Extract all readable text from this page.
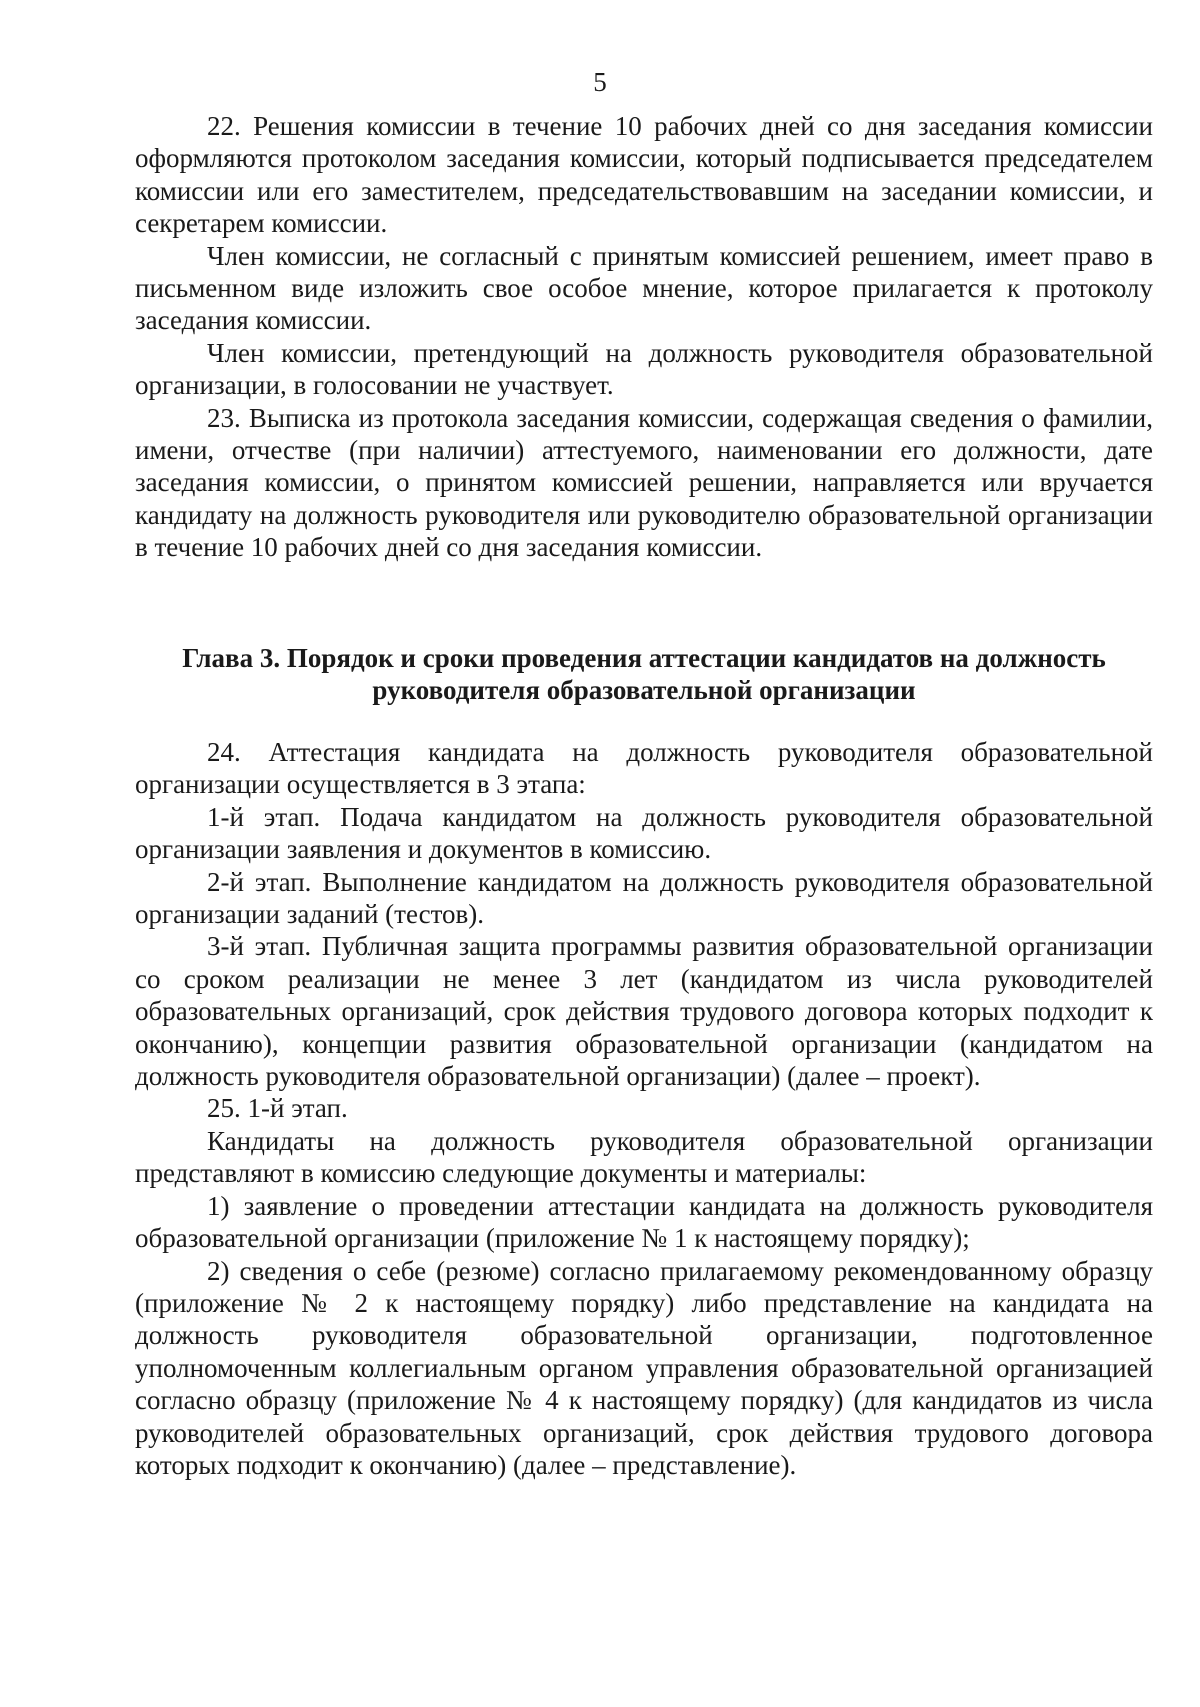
5

22. Решения комиссии в течение 10 рабочих дней со дня заседания комиссии оформляются протоколом заседания комиссии, который подписывается председателем комиссии или его заместителем, председательствовавшим на заседании комиссии, и секретарем комиссии.

Член комиссии, не согласный с принятым комиссией решением, имеет право в письменном виде изложить свое особое мнение, которое прилагается к протоколу заседания комиссии.

Член комиссии, претендующий на должность руководителя образовательной организации, в голосовании не участвует.

23. Выписка из протокола заседания комиссии, содержащая сведения о фамилии, имени, отчестве (при наличии) аттестуемого, наименовании его должности, дате заседания комиссии, о принятом комиссией решении, направляется или вручается кандидату на должность руководителя или руководителю образовательной организации в течение 10 рабочих дней со дня заседания комиссии.

Глава 3. Порядок и сроки проведения аттестации кандидатов на должность
руководителя образовательной организации

24. Аттестация кандидата на должность руководителя образовательной организации осуществляется в 3 этапа:

1-й этап. Подача кандидатом на должность руководителя образовательной организации заявления и документов в комиссию.

2-й этап. Выполнение кандидатом на должность руководителя образовательной организации заданий (тестов).

3-й этап. Публичная защита программы развития образовательной организации со сроком реализации не менее 3 лет (кандидатом из числа руководителей образовательных организаций, срок действия трудового договора которых подходит к окончанию), концепции развития образовательной организации (кандидатом на должность руководителя образовательной организации) (далее – проект).

25. 1-й этап.

Кандидаты на должность руководителя образовательной организации представляют в комиссию следующие документы и материалы:

1) заявление о проведении аттестации кандидата на должность руководителя образовательной организации (приложение № 1 к настоящему порядку);

2) сведения о себе (резюме) согласно прилагаемому рекомендованному образцу (приложение № 2 к настоящему порядку) либо представление на кандидата на должность руководителя образовательной организации, подготовленное уполномоченным коллегиальным органом управления образовательной организацией согласно образцу (приложение № 4 к настоящему порядку) (для кандидатов из числа руководителей образовательных организаций, срок действия трудового договора которых подходит к окончанию) (далее – представление).
